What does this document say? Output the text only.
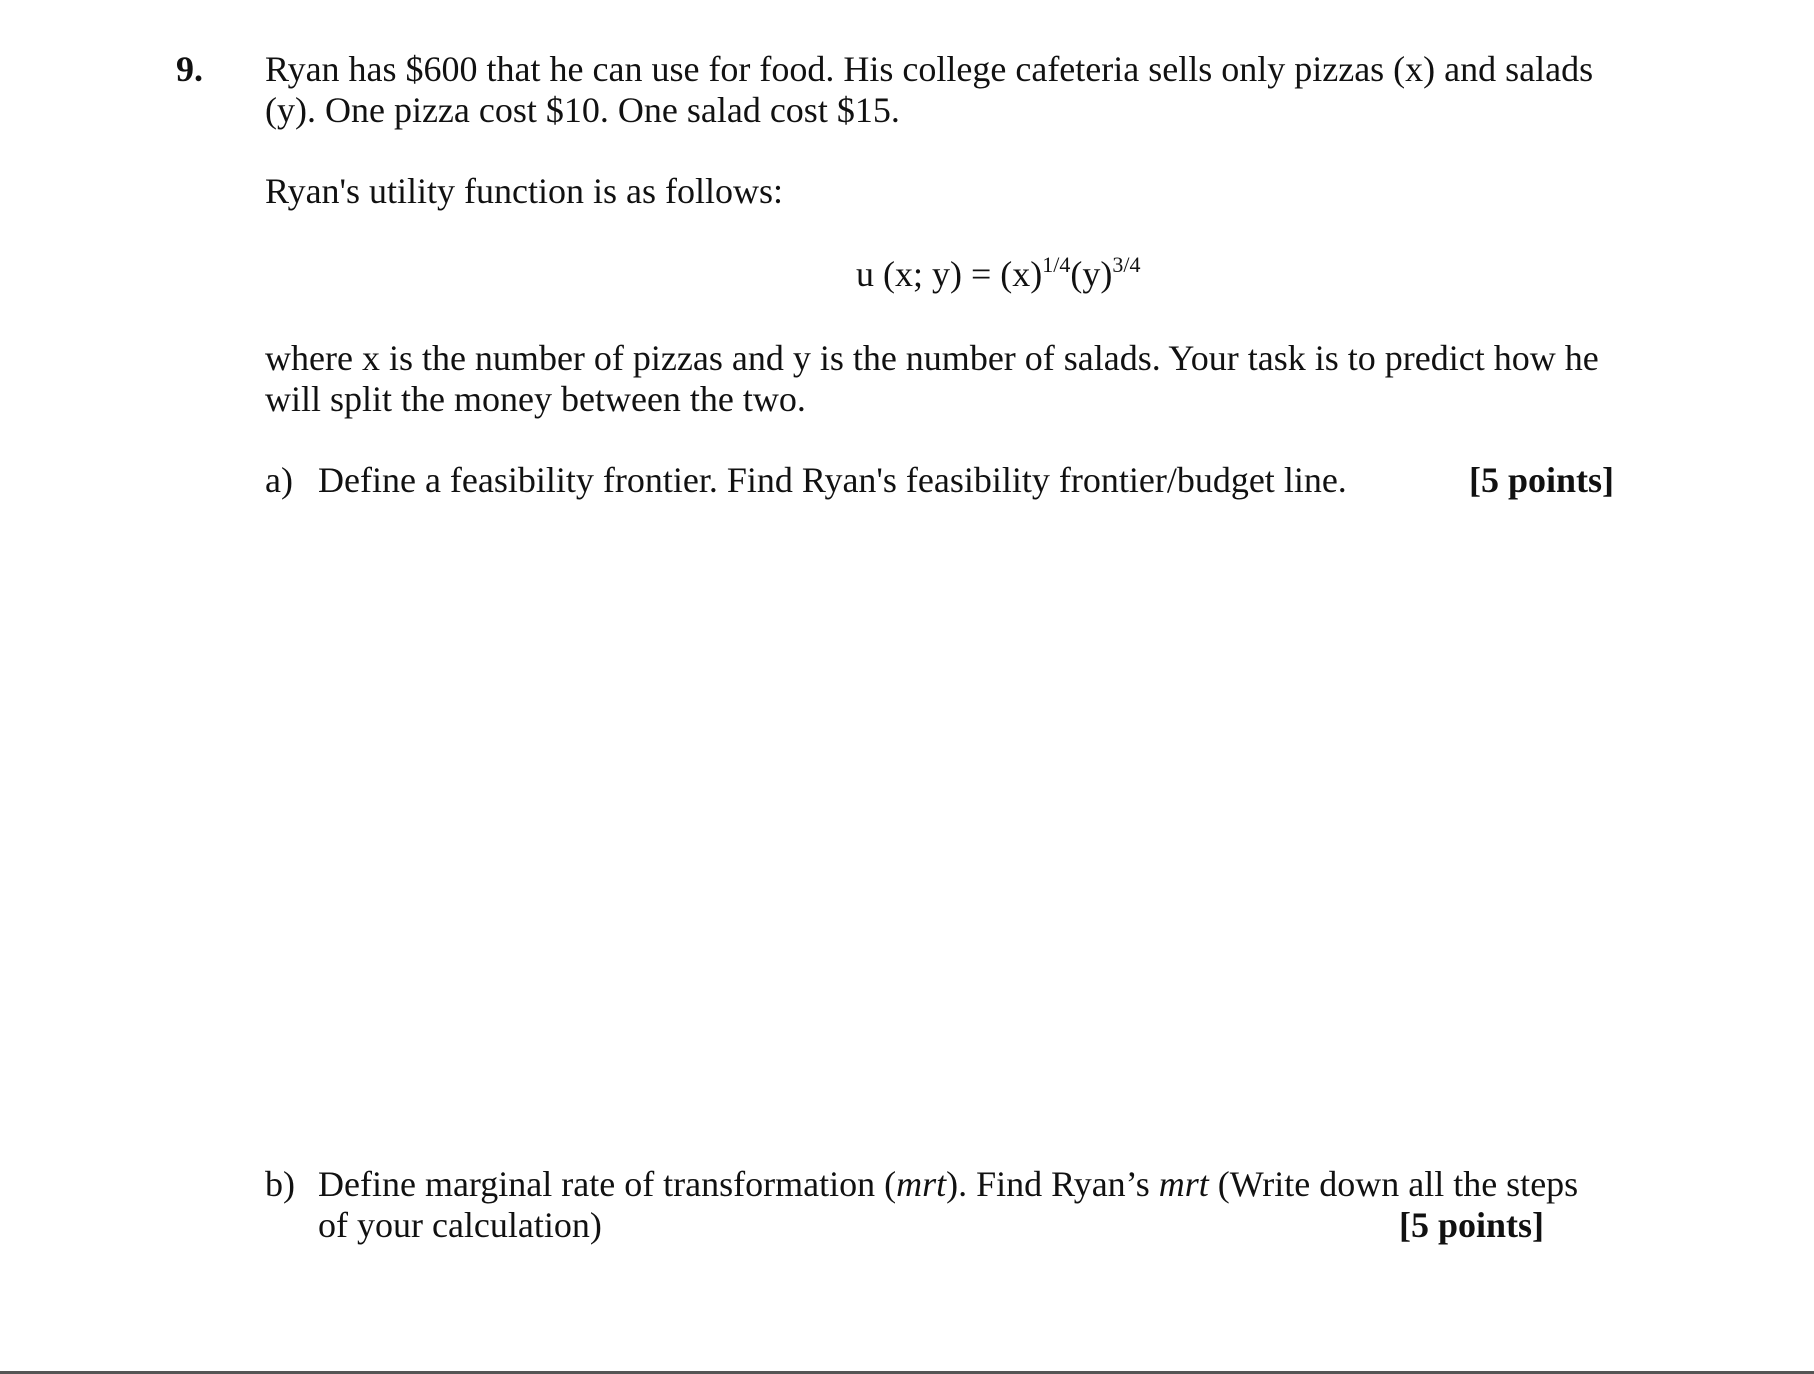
9. Ryan has $600 that he can use for food. His college cafeteria sells only pizzas (x) and salads
(y). One pizza cost $10. One salad cost $15.
Ryan's utility function is as follows:
u (x; $y) = (x)^{1/4}(y)^{3/4}$
where x is the number of pizzas and y is the number of salads. Your task is to predict how he
will split the money between the two.
a) Define a feasibility frontier. Find Ryan's feasibility frontier/budget line.	[5 points]
b) Define marginal rate of transformation (mrt). Find Ryan’s mrt (Write down all the steps
of your calculation)	[5 points]
